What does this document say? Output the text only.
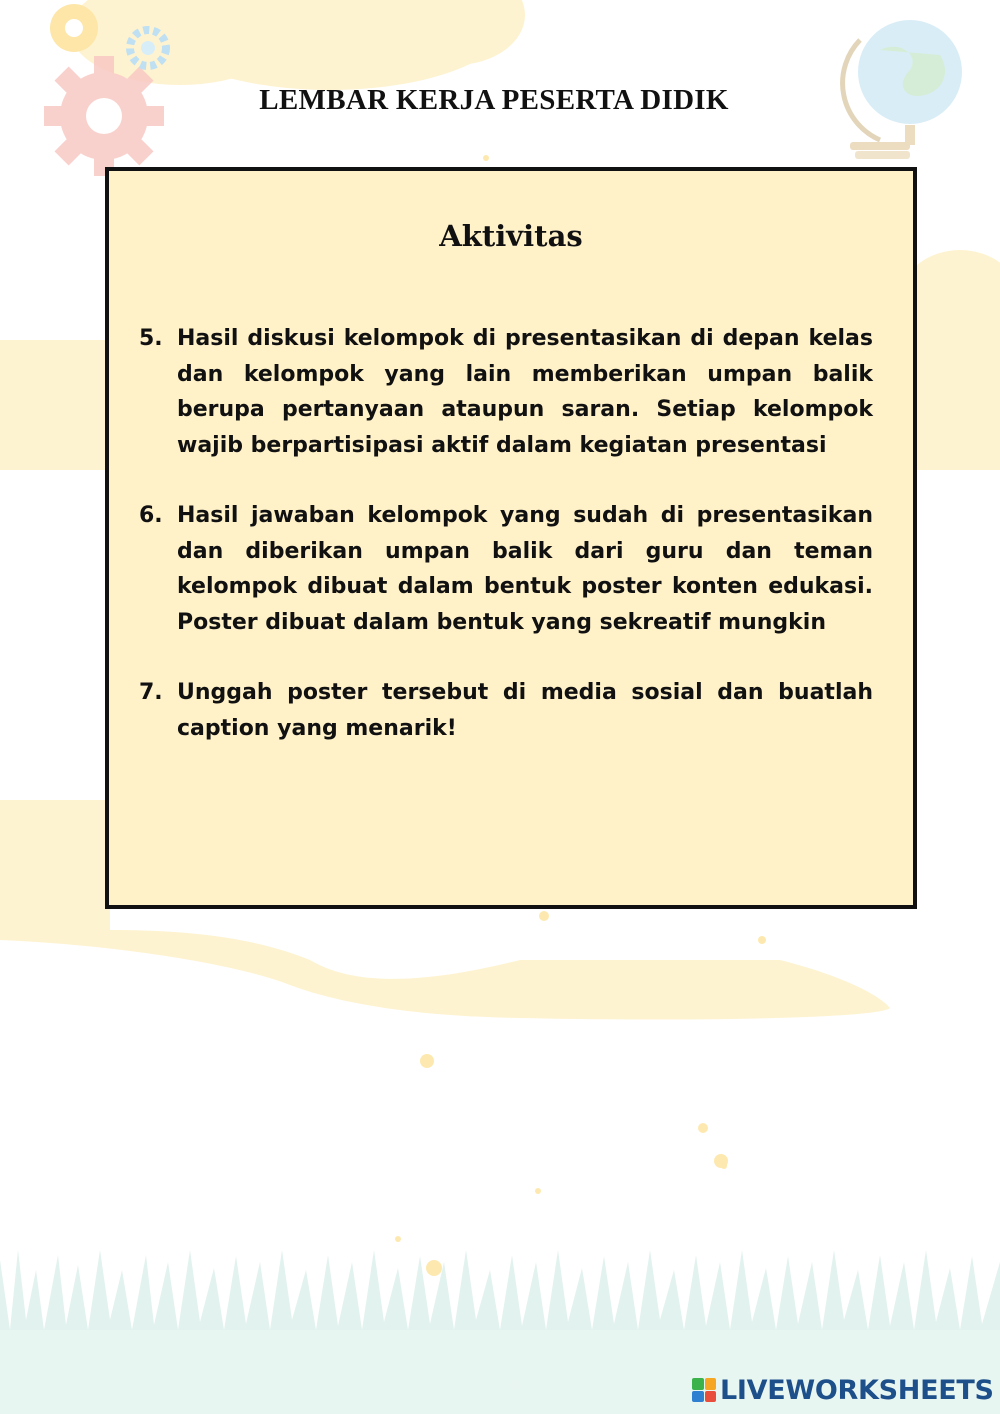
LEMBAR KERJA PESERTA DIDIK
Aktivitas
5. Hasil diskusi kelompok di presentasikan di depan kelas dan kelompok yang lain memberikan umpan balik berupa pertanyaan ataupun saran. Setiap kelompok wajib berpartisipasi aktif dalam kegiatan presentasi
6. Hasil jawaban kelompok yang sudah di presentasikan dan diberikan umpan balik dari guru dan teman kelompok dibuat dalam bentuk poster konten edukasi. Poster dibuat dalam bentuk yang sekreatif mungkin
7. Unggah poster tersebut di media sosial dan buatlah caption yang menarik!
LIVEWORKSHEETS
